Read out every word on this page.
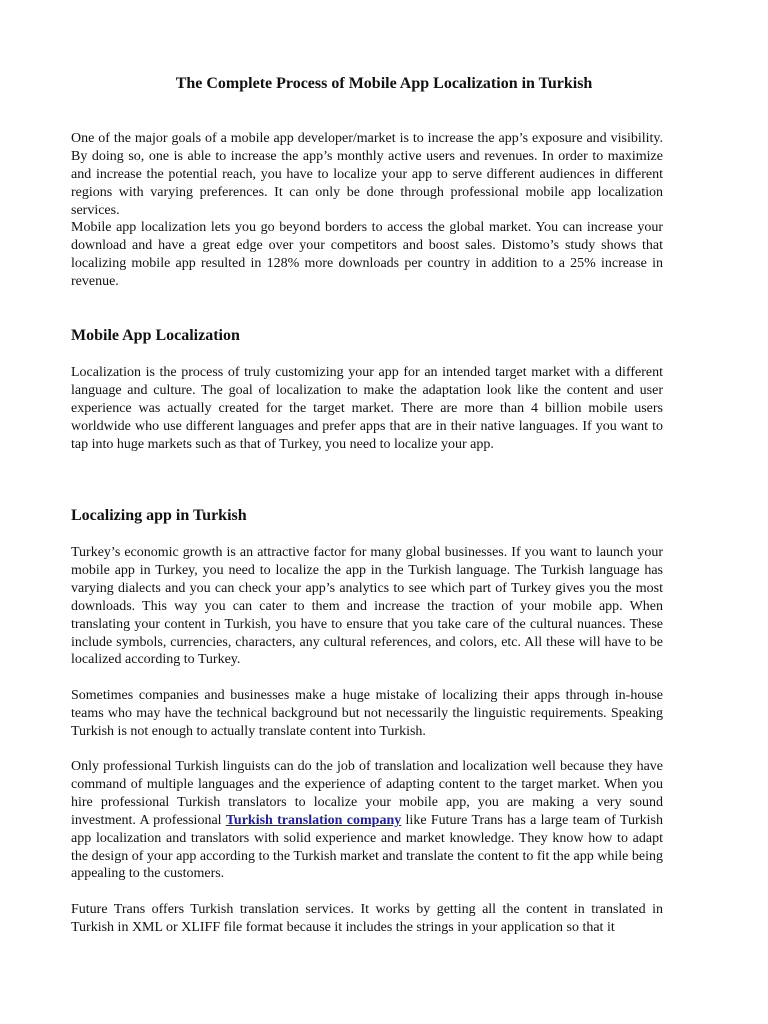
The Complete Process of Mobile App Localization in Turkish

One of the major goals of a mobile app developer/market is to increase the app’s exposure and visibility. By doing so, one is able to increase the app’s monthly active users and revenues. In order to maximize and increase the potential reach, you have to localize your app to serve different audiences in different regions with varying preferences. It can only be done through professional mobile app localization services.

Mobile app localization lets you go beyond borders to access the global market. You can increase your download and have a great edge over your competitors and boost sales. Distomo’s study shows that localizing mobile app resulted in 128% more downloads per country in addition to a 25% increase in revenue.

Mobile App Localization

Localization is the process of truly customizing your app for an intended target market with a different language and culture. The goal of localization to make the adaptation look like the content and user experience was actually created for the target market. There are more than 4 billion mobile users worldwide who use different languages and prefer apps that are in their native languages. If you want to tap into huge markets such as that of Turkey, you need to localize your app.

Localizing app in Turkish

Turkey’s economic growth is an attractive factor for many global businesses. If you want to launch your mobile app in Turkey, you need to localize the app in the Turkish language. The Turkish language has varying dialects and you can check your app’s analytics to see which part of Turkey gives you the most downloads. This way you can cater to them and increase the traction of your mobile app. When translating your content in Turkish, you have to ensure that you take care of the cultural nuances. These include symbols, currencies, characters, any cultural references, and colors, etc. All these will have to be localized according to Turkey.

Sometimes companies and businesses make a huge mistake of localizing their apps through in-house teams who may have the technical background but not necessarily the linguistic requirements. Speaking Turkish is not enough to actually translate content into Turkish.

Only professional Turkish linguists can do the job of translation and localization well because they have command of multiple languages and the experience of adapting content to the target market. When you hire professional Turkish translators to localize your mobile app, you are making a very sound investment. A professional Turkish translation company like Future Trans has a large team of Turkish app localization and translators with solid experience and market knowledge. They know how to adapt the design of your app according to the Turkish market and translate the content to fit the app while being appealing to the customers.

Future Trans offers Turkish translation services. It works by getting all the content in translated in Turkish in XML or XLIFF file format because it includes the strings in your application so that it
